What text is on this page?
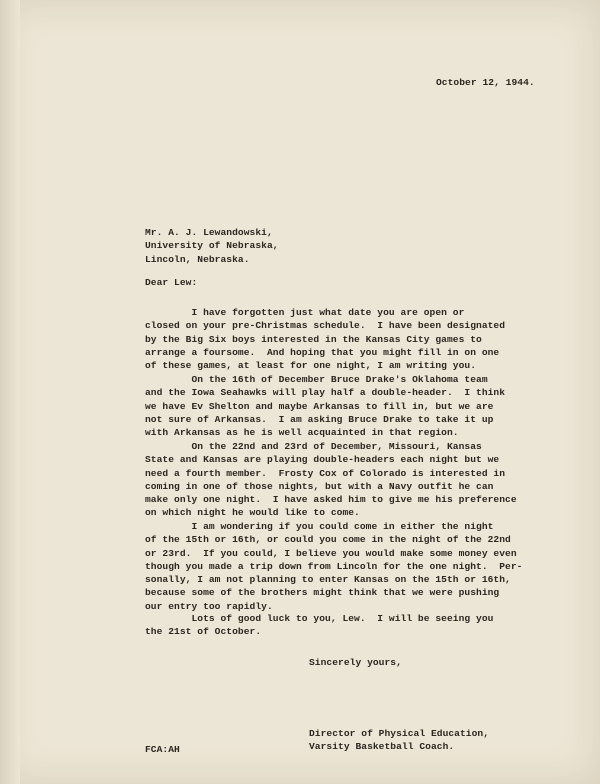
October 12, 1944.

Mr. A. J. Lewandowski,
University of Nebraska,
Lincoln, Nebraska.

Dear Lew:

I have forgotten just what date you are open or
closed on your pre-Christmas schedule.  I have been designated
by the Big Six boys interested in the Kansas City games to
arrange a foursome.  And hoping that you might fill in on one
of these games, at least for one night, I am writing you.

On the 16th of December Bruce Drake's Oklahoma team
and the Iowa Seahawks will play half a double-header.  I think
we have Ev Shelton and maybe Arkansas to fill in, but we are
not sure of Arkansas.  I am asking Bruce Drake to take it up
with Arkansas as he is well acquainted in that region.

On the 22nd and 23rd of December, Missouri, Kansas
State and Kansas are playing double-headers each night but we
need a fourth member.  Frosty Cox of Colorado is interested in
coming in one of those nights, but with a Navy outfit he can
make only one night.  I have asked him to give me his preference
on which night he would like to come.

I am wondering if you could come in either the night
of the 15th or 16th, or could you come in the night of the 22nd
or 23rd.  If you could, I believe you would make some money even
though you made a trip down from Lincoln for the one night.  Per-
sonally, I am not planning to enter Kansas on the 15th or 16th,
because some of the brothers might think that we were pushing
our entry too rapidly.

Lots of good luck to you, Lew.  I will be seeing you
the 21st of October.

Sincerely yours,

Director of Physical Education,
Varsity Basketball Coach.

FCA:AH
